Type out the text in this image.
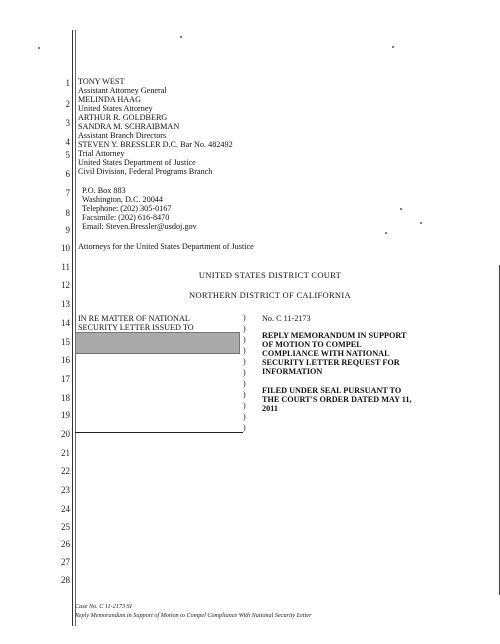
1
2
3
4
5
6
7
8
9
10
11
12
13
14
15
16
17
18
19
20
21
22
23
24
25
26
27
28
TONY WEST
Assistant Attorney General
MELINDA HAAG
United States Attorney
ARTHUR R. GOLDBERG
SANDRA M. SCHRAIBMAN
Assistant Branch Directors
STEVEN Y. BRESSLER D.C. Bar No. 482492
Trial Attorney
United States Department of Justice
Civil Division, Federal Programs Branch
P.O. Box 883
Washington, D.C. 20044
Telephone: (202) 305-0167
Facsimile: (202) 616-8470
Email: Steven.Bressler@usdoj.gov
Attorneys for the United States Department of Justice
UNITED STATES DISTRICT COURT
NORTHERN DISTRICT OF CALIFORNIA
IN RE MATTER OF NATIONAL
SECURITY LETTER ISSUED TO
)
)
)
)
)
)
)
)
)
)
)
No. C 11-2173
REPLY MEMORANDUM IN SUPPORT
OF MOTION TO COMPEL
COMPLIANCE WITH NATIONAL
SECURITY LETTER REQUEST FOR
INFORMATION
FILED UNDER SEAL PURSUANT TO
THE COURT'S ORDER DATED MAY 11,
2011
Case No. C 11-2173 SI
Reply Memorandum in Support of Motion to Compel Compliance With National Security Letter
